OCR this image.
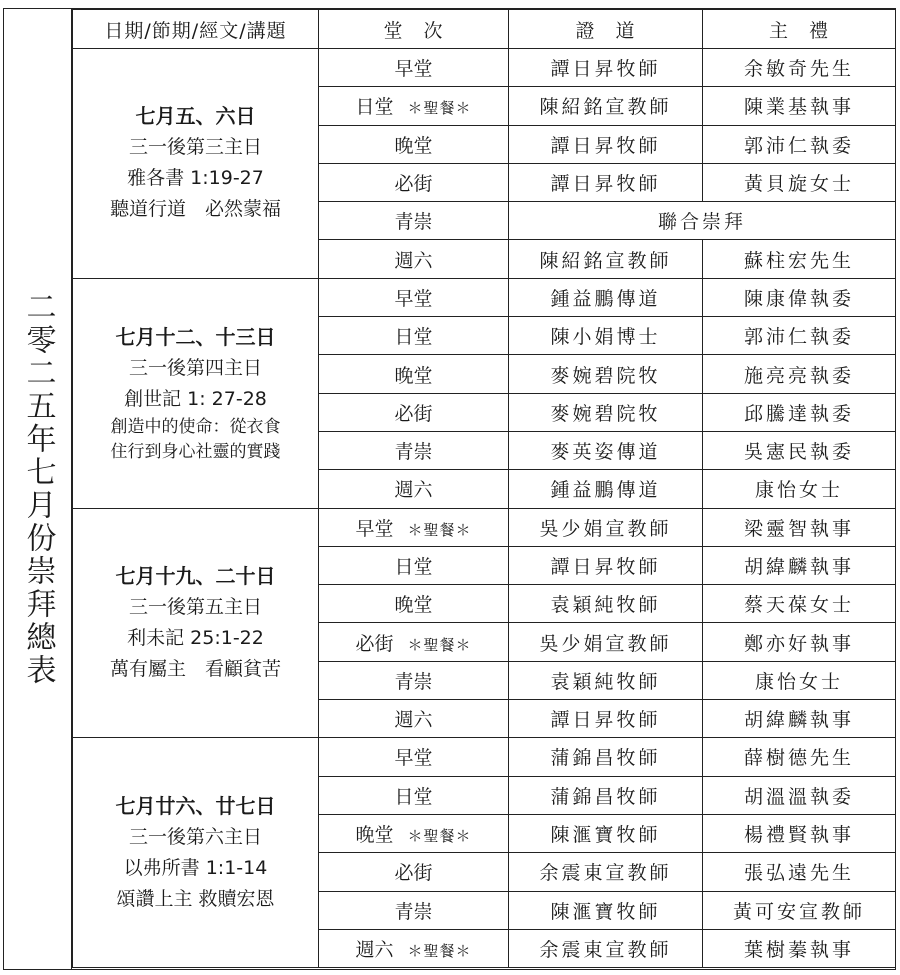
二零二五年七月份崇拜總表
日期/節期/經文/講題	堂　次	證　道	主　禮

七月五、六日
三一後第三主日
雅各書 1:19-27
聽道行道　必然蒙福	早堂	譚日昇牧師	余敏奇先生
	日堂 ＊聖餐＊	陳紹銘宣教師	陳業基執事
	晚堂	譚日昇牧師	郭沛仁執委
	必街	譚日昇牧師	黃貝旋女士
	青崇	聯合崇拜	
	週六	陳紹銘宣教師	蘇柱宏先生

七月十二、十三日
三一後第四主日
創世記 1: 27-28
創造中的使命：從衣食
住行到身心社靈的實踐	早堂	鍾益鵬傳道	陳康偉執委
	日堂	陳小娟博士	郭沛仁執委
	晚堂	麥婉碧院牧	施亮亮執委
	必街	麥婉碧院牧	邱騰達執委
	青崇	麥英姿傳道	吳憲民執委
	週六	鍾益鵬傳道	康怡女士

七月十九、二十日
三一後第五主日
利未記 25:1-22
萬有屬主　看顧貧苦	早堂 ＊聖餐＊	吳少娟宣教師	梁靈智執事
	日堂	譚日昇牧師	胡緯麟執事
	晚堂	袁穎純牧師	蔡天葆女士
	必街 ＊聖餐＊	吳少娟宣教師	鄭亦好執事
	青崇	袁穎純牧師	康怡女士
	週六	譚日昇牧師	胡緯麟執事

七月廿六、廿七日
三一後第六主日
以弗所書 1:1-14
頌讚上主 救贖宏恩	早堂	蒲錦昌牧師	薛樹德先生
	日堂	蒲錦昌牧師	胡溫溫執委
	晚堂 ＊聖餐＊	陳滙寶牧師	楊禮賢執事
	必街	余震東宣教師	張弘遠先生
	青崇	陳滙寶牧師	黃可安宣教師
	週六 ＊聖餐＊	余震東宣教師	葉樹蓁執事
